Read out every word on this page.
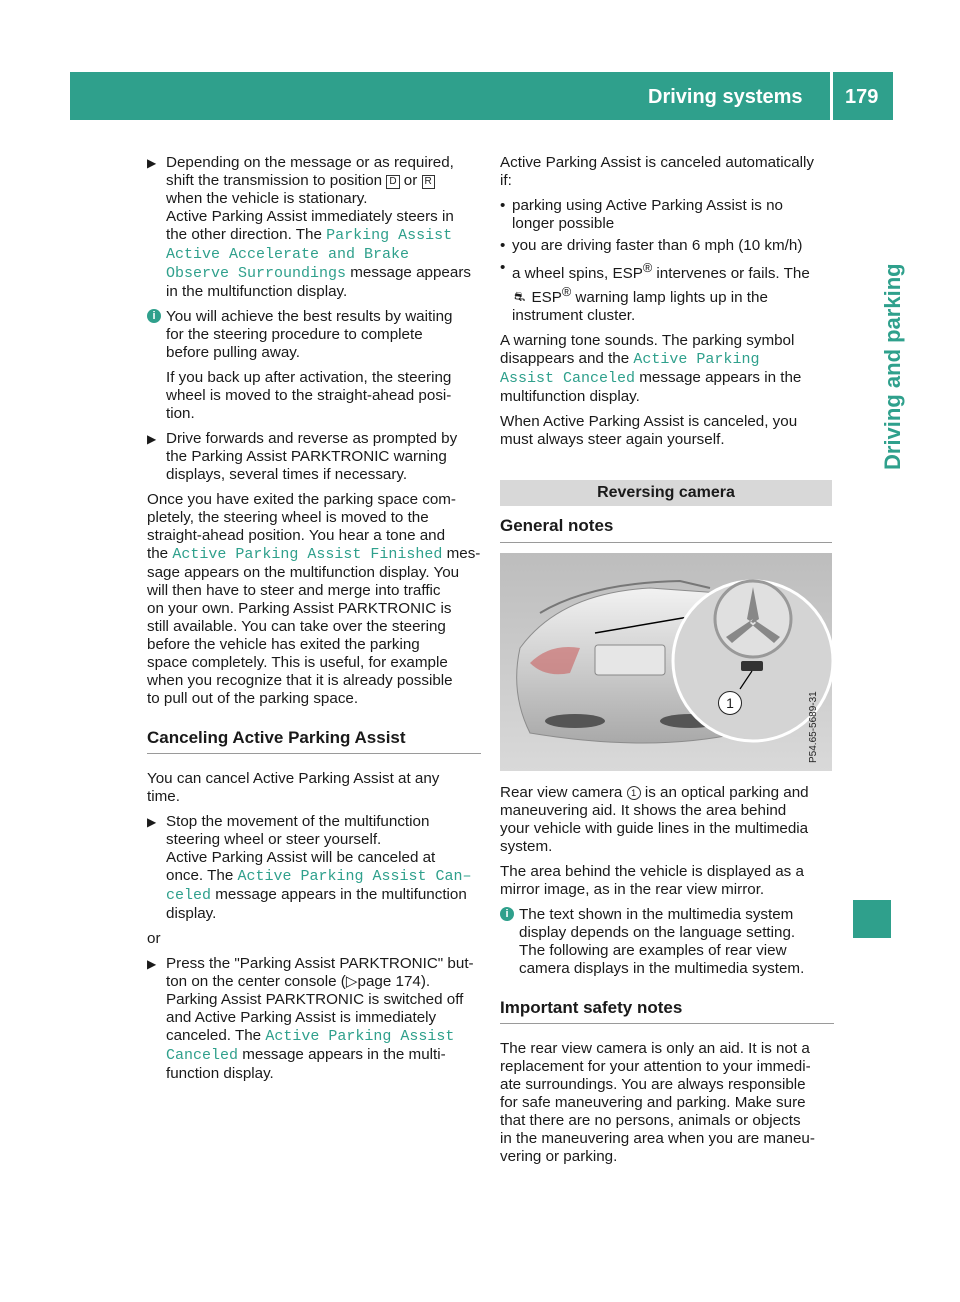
Driving systems 179
Driving and parking
▶ Depending on the message or as required,
shift the transmission to position D or R
when the vehicle is stationary.
Active Parking Assist immediately steers in
the other direction. The Parking Assist
Active Accelerate and Brake
Observe Surroundings message appears
in the multifunction display.
i You will achieve the best results by waiting
for the steering procedure to complete
before pulling away.
If you back up after activation, the steering
wheel is moved to the straight-ahead posi-
tion.
▶ Drive forwards and reverse as prompted by
the Parking Assist PARKTRONIC warning
displays, several times if necessary.

Once you have exited the parking space com-
pletely, the steering wheel is moved to the
straight-ahead position. You hear a tone and
the Active Parking Assist Finished mes-
sage appears on the multifunction display. You
will then have to steer and merge into traffic
on your own. Parking Assist PARKTRONIC is
still available. You can take over the steering
before the vehicle has exited the parking
space completely. This is useful, for example
when you recognize that it is already possible
to pull out of the parking space.

Canceling Active Parking Assist

You can cancel Active Parking Assist at any
time.

▶ Stop the movement of the multifunction
steering wheel or steer yourself.
Active Parking Assist will be canceled at
once. The Active Parking Assist Can–
celed message appears in the multifunction
display.

or

▶ Press the "Parking Assist PARKTRONIC" but-
ton on the center console (▷page 174).
Parking Assist PARKTRONIC is switched off
and Active Parking Assist is immediately
canceled. The Active Parking Assist
Canceled message appears in the multi-
function display.

Active Parking Assist is canceled automatically
if:

• parking using Active Parking Assist is no
longer possible
• you are driving faster than 6 mph (10 km/h)
• a wheel spins, ESP® intervenes or fails. The
⛐ ESP® warning lamp lights up in the
instrument cluster.

A warning tone sounds. The parking symbol
disappears and the Active Parking
Assist Canceled message appears in the
multifunction display.

When Active Parking Assist is canceled, you
must always steer again yourself.

Reversing camera
General notes
1	P54.65-5689-31

Rear view camera 1 is an optical parking and
maneuvering aid. It shows the area behind
your vehicle with guide lines in the multimedia
system.

The area behind the vehicle is displayed as a
mirror image, as in the rear view mirror.

i The text shown in the multimedia system
display depends on the language setting.
The following are examples of rear view
camera displays in the multimedia system.
Important safety notes

The rear view camera is only an aid. It is not a
replacement for your attention to your immedi-
ate surroundings. You are always responsible
for safe maneuvering and parking. Make sure
that there are no persons, animals or objects
in the maneuvering area when you are maneu-
vering or parking.
